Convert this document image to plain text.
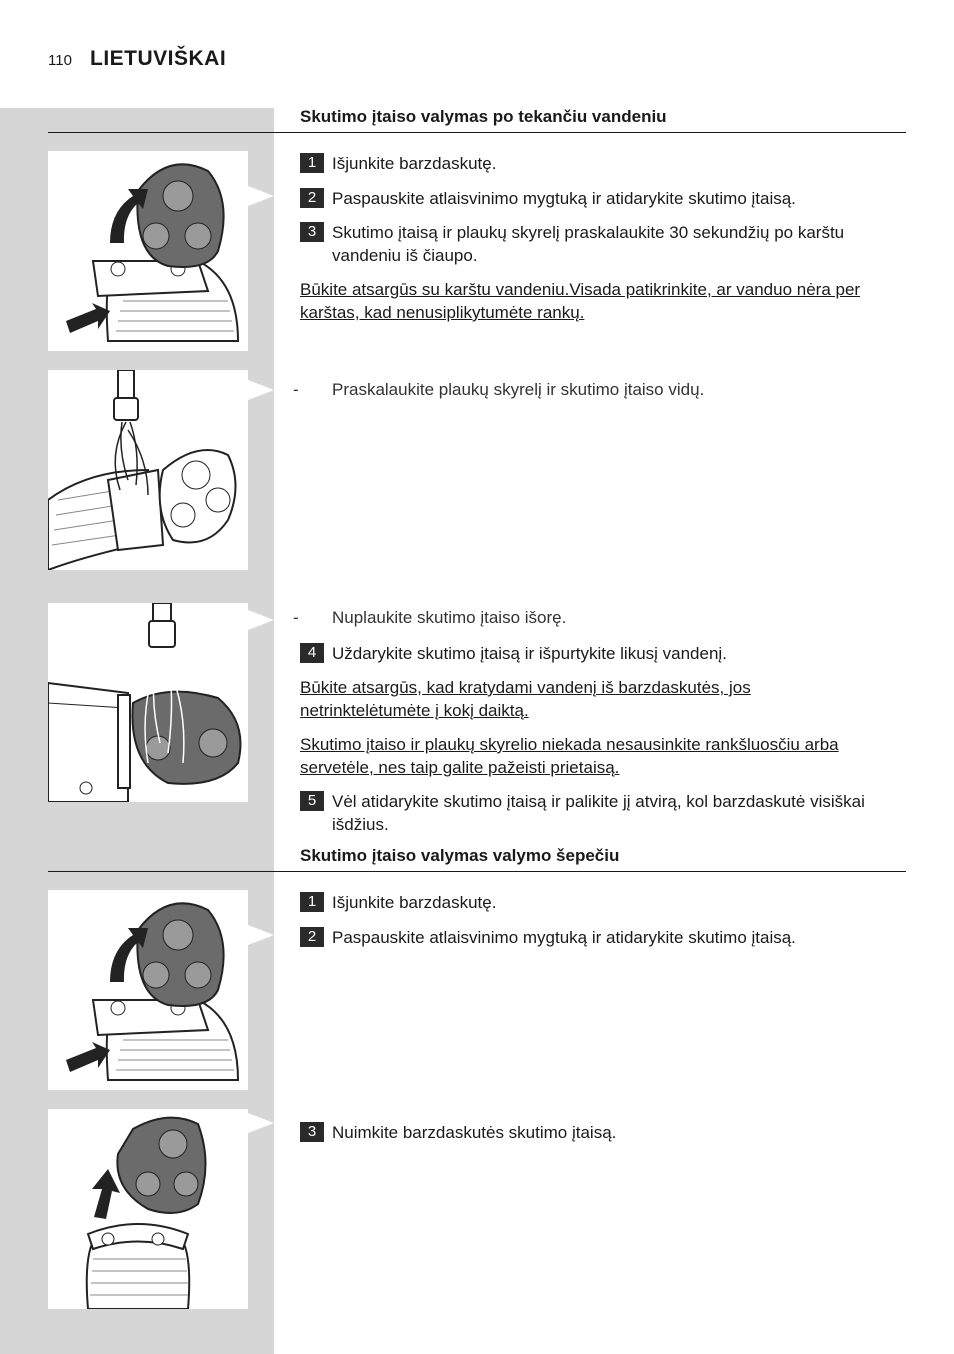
110 LIETUVIŠKAI
Skutimo įtaiso valymas po tekančiu vandeniu
1 Išjunkite barzdaskutę.
2 Paspauskite atlaisvinimo mygtuką ir atidarykite skutimo įtaisą.
3 Skutimo įtaisą ir plaukų skyrelį praskalaukite 30 sekundžių po karštu vandeniu iš čiaupo.
Būkite atsargūs su karštu vandeniu.Visada patikrinkite, ar vanduo nėra per karštas, kad nenusiplikytumėte rankų.
- Praskalaukite plaukų skyrelį ir skutimo įtaiso vidų.
- Nuplaukite skutimo įtaiso išorę.
4 Uždarykite skutimo įtaisą ir išpurtykite likusį vandenį.
Būkite atsargūs, kad kratydami vandenį iš barzdaskutės, jos netrinktelėtumėte į kokį daiktą.
Skutimo įtaiso ir plaukų skyrelio niekada nesausinkite rankšluosčiu arba servetėle, nes taip galite pažeisti prietaisą.
5 Vėl atidarykite skutimo įtaisą ir palikite jį atvirą, kol barzdaskutė visiškai išdžius.
Skutimo įtaiso valymas valymo šepečiu
1 Išjunkite barzdaskutę.
2 Paspauskite atlaisvinimo mygtuką ir atidarykite skutimo įtaisą.
3 Nuimkite barzdaskutės skutimo įtaisą.
